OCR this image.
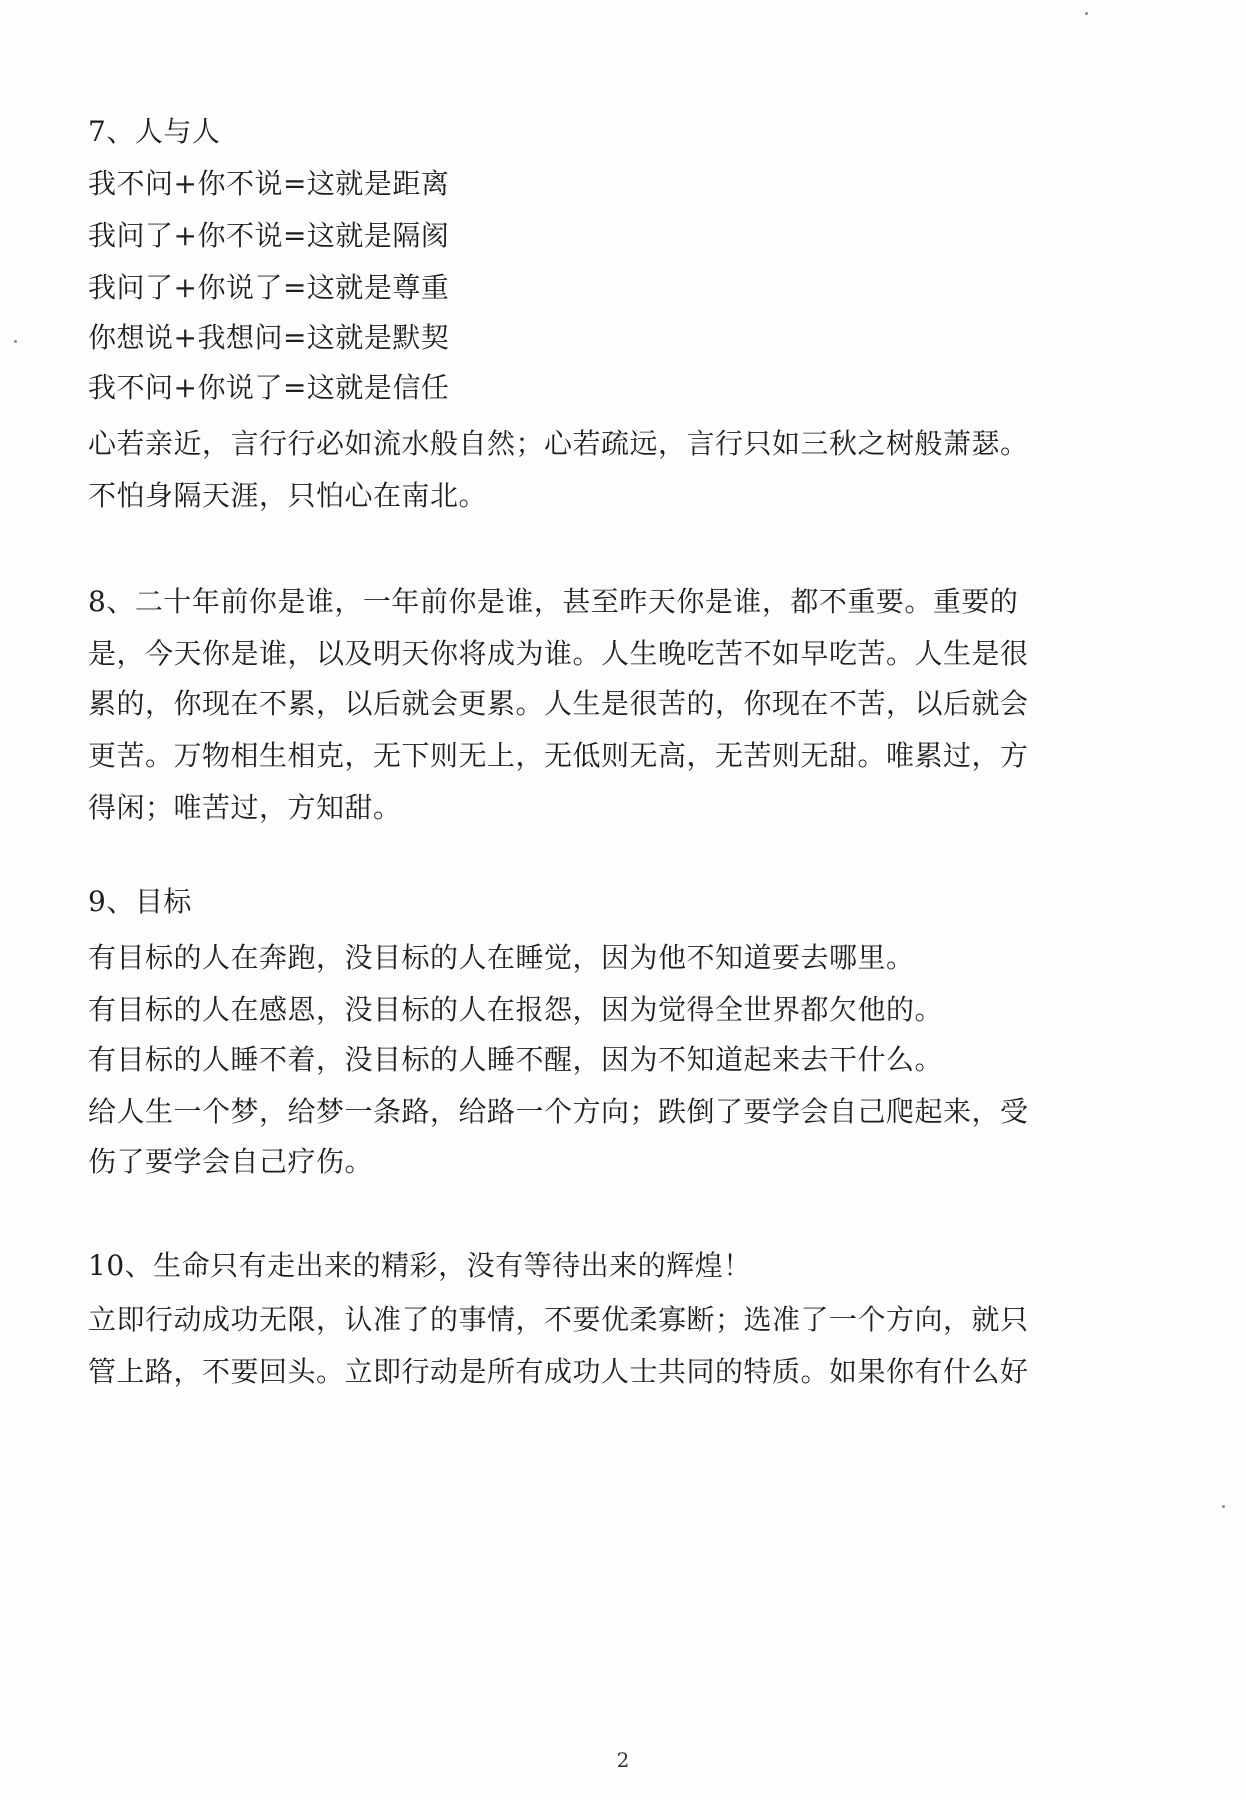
7、人与人
我不问+你不说=这就是距离
我问了+你不说=这就是隔阂
我问了+你说了=这就是尊重
你想说+我想问=这就是默契
我不问+你说了=这就是信任
心若亲近，言行行必如流水般自然；心若疏远，言行只如三秋之树般萧瑟。
不怕身隔天涯，只怕心在南北。
8、二十年前你是谁，一年前你是谁，甚至昨天你是谁，都不重要。重要的
是，今天你是谁，以及明天你将成为谁。人生晚吃苦不如早吃苦。人生是很
累的，你现在不累，以后就会更累。人生是很苦的，你现在不苦，以后就会
更苦。万物相生相克，无下则无上，无低则无高，无苦则无甜。唯累过，方
得闲；唯苦过，方知甜。
9、目标
有目标的人在奔跑，没目标的人在睡觉，因为他不知道要去哪里。
有目标的人在感恩，没目标的人在报怨，因为觉得全世界都欠他的。
有目标的人睡不着，没目标的人睡不醒，因为不知道起来去干什么。
给人生一个梦，给梦一条路，给路一个方向；跌倒了要学会自己爬起来，受
伤了要学会自己疗伤。
10、生命只有走出来的精彩，没有等待出来的辉煌！
立即行动成功无限，认准了的事情，不要优柔寡断；选准了一个方向，就只
管上路，不要回头。立即行动是所有成功人士共同的特质。如果你有什么好
2
